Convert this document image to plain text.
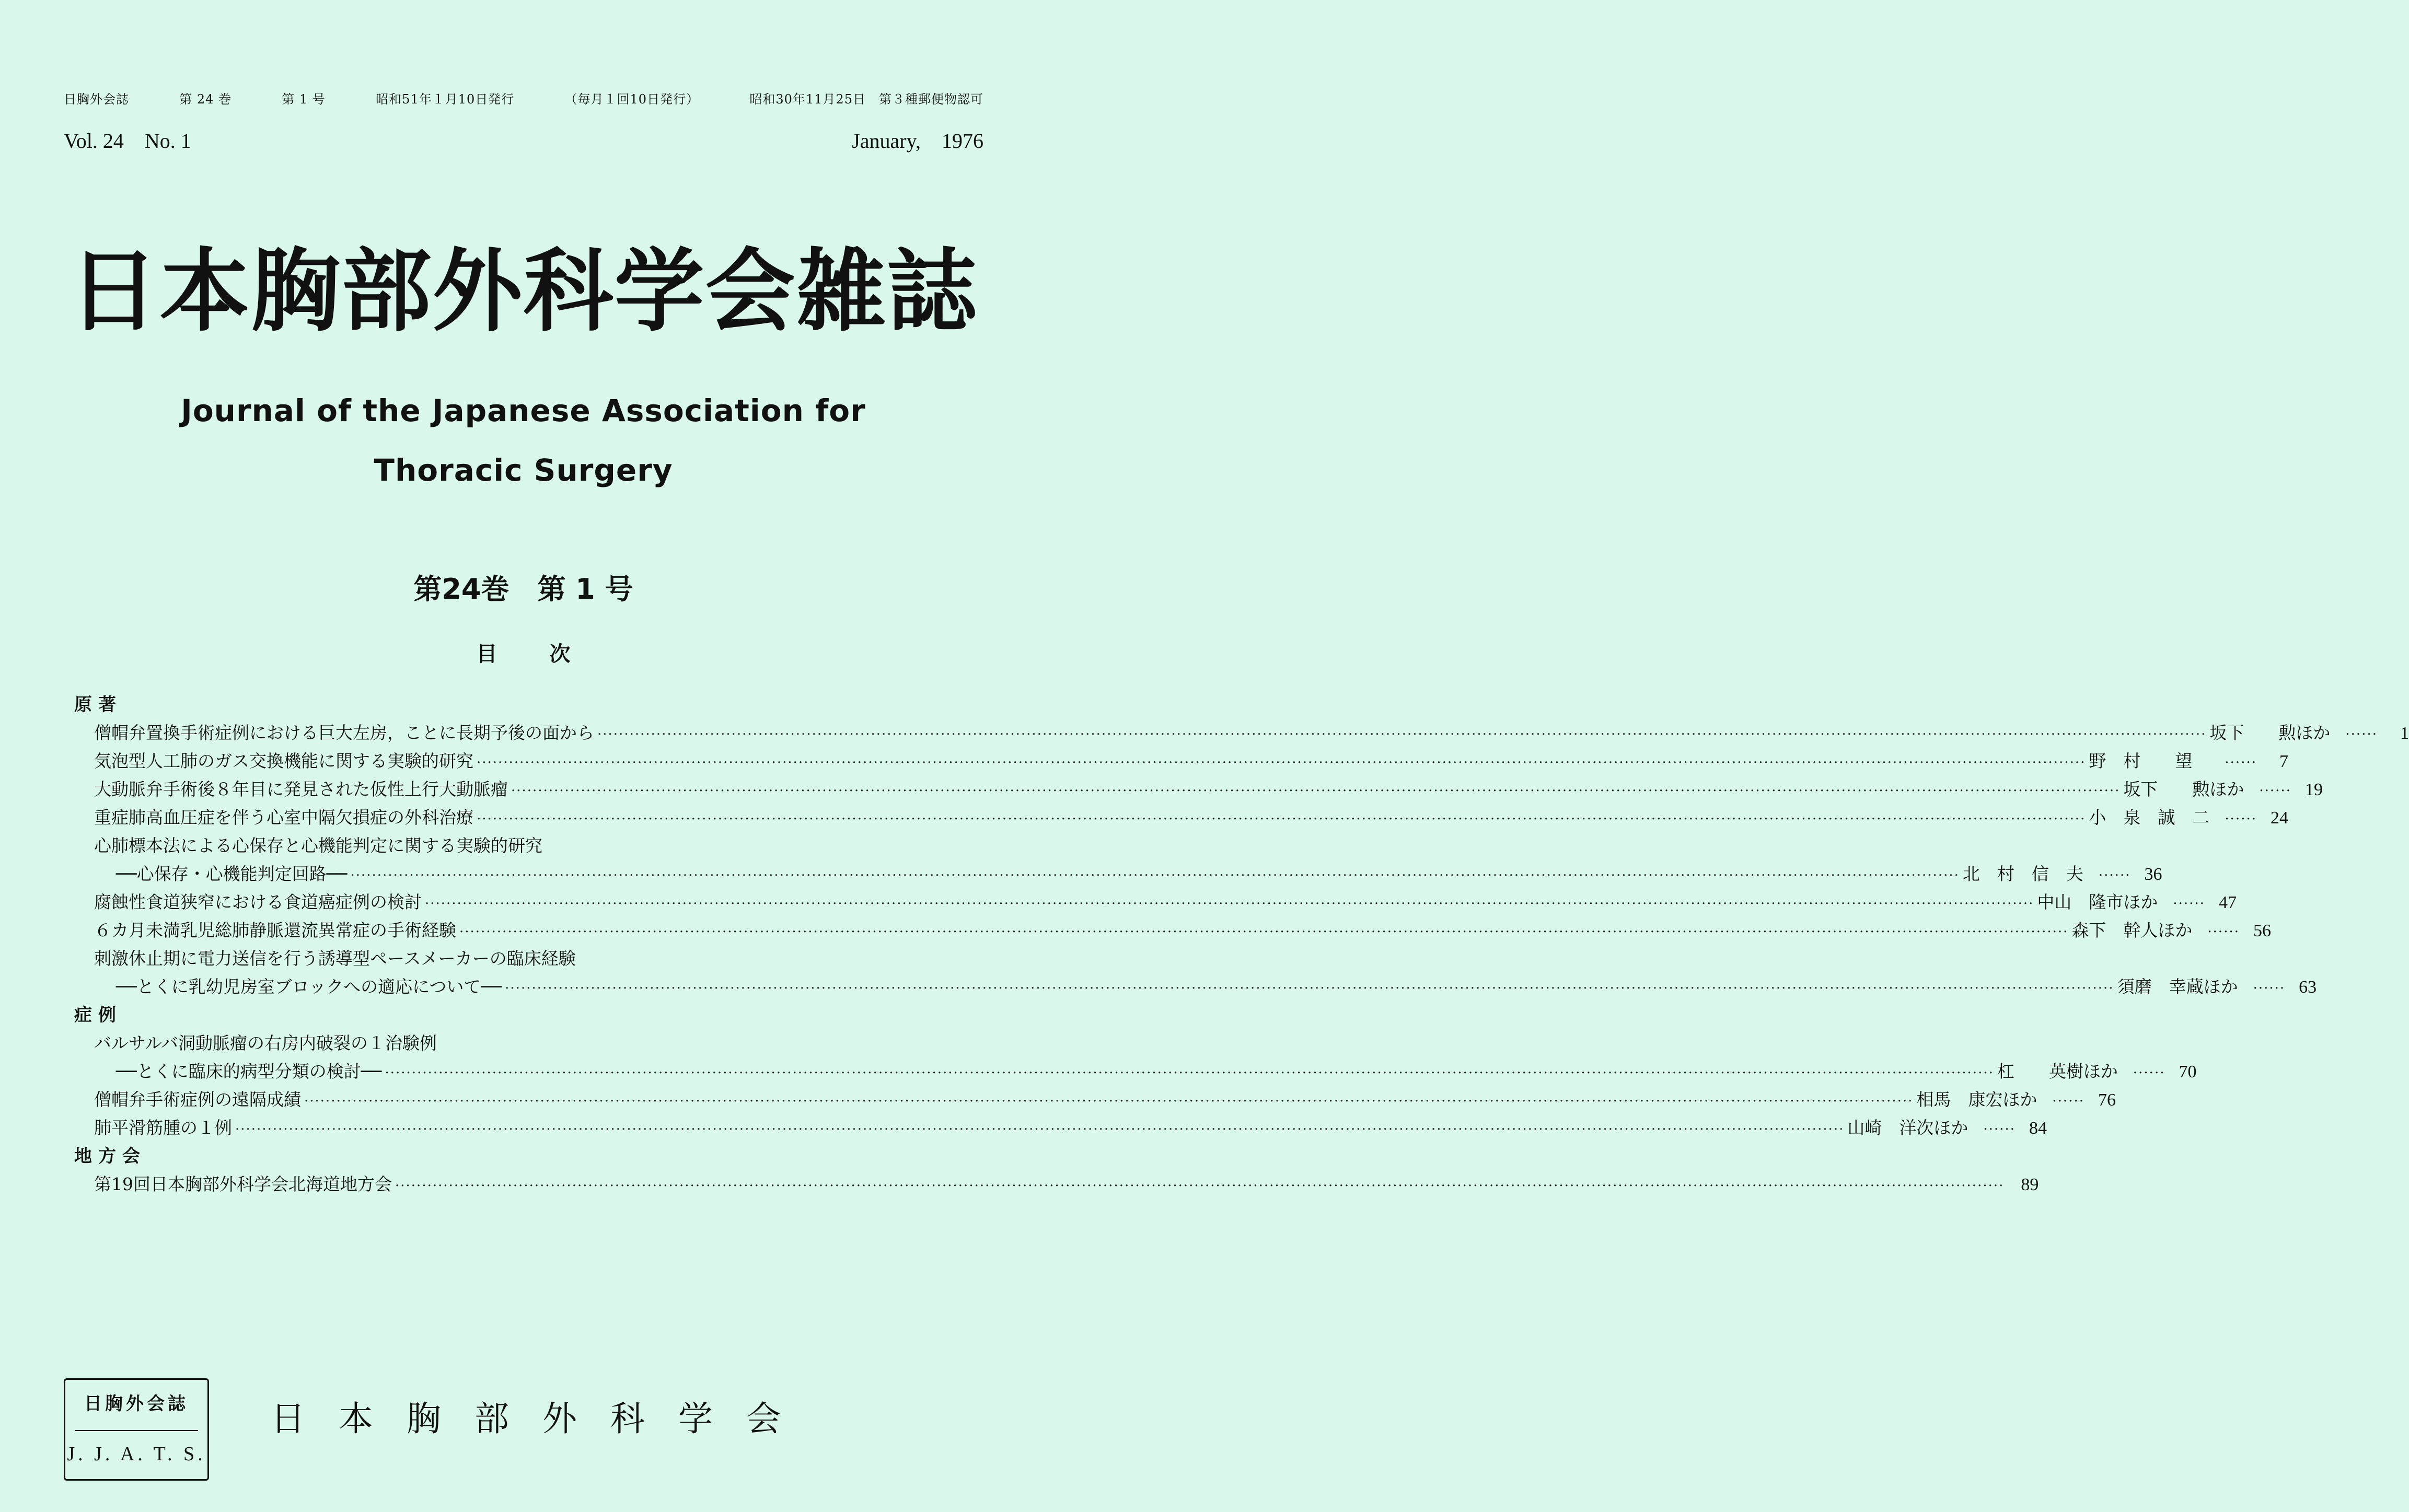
日胸外会誌	第 24 巻	第 1 号	昭和51年１月10日発行	（毎月１回10日発行）	昭和30年11月25日　第３種郵便物認可
Vol. 24　No. 1	January,　1976
日本胸部外科学会雑誌
Journal of the Japanese Association for
Thoracic Surgery
第24巻　第 1 号
目次
原著
僧帽弁置換手術症例における巨大左房，ことに長期予後の面から ············································································································································································································································································································ 坂下　　勲ほか	······	1
気泡型人工肺のガス交換機能に関する実験的研究 ············································································································································································································································································································ 野　村　　望	······	7
大動脈弁手術後８年目に発見された仮性上行大動脈瘤 ············································································································································································································································································································ 坂下　　勲ほか	······ 19
重症肺高血圧症を伴う心室中隔欠損症の外科治療 ············································································································································································································································································································ 小　泉　誠　二	······ 24
心肺標本法による心保存と心機能判定に関する実験的研究
──心保存・心機能判定回路── ············································································································································································································································································································ 北　村　信　夫	······ 36
腐蝕性食道狭窄における食道癌症例の検討 ············································································································································································································································································································ 中山　隆市ほか	······ 47
６カ月未満乳児総肺静脈還流異常症の手術経験 ············································································································································································································································································································ 森下　幹人ほか	······ 56
刺激休止期に電力送信を行う誘導型ペースメーカーの臨床経験
──とくに乳幼児房室ブロックへの適応について── ············································································································································································································································································································ 須磨　幸蔵ほか	······ 63
症例
バルサルバ洞動脈瘤の右房内破裂の１治験例
──とくに臨床的病型分類の検討── ············································································································································································································································································································ 杠　　英樹ほか	······ 70
僧帽弁手術症例の遠隔成績 ············································································································································································································································································································ 相馬　康宏ほか	······ 76
肺平滑筋腫の１例 ············································································································································································································································································································ 山崎　洋次ほか	······ 84
地方会
第19回日本胸部外科学会北海道地方会 ············································································································································································································································································································ 89
日胸外会誌
J. J. A. T. S.
日本胸部外科学会
